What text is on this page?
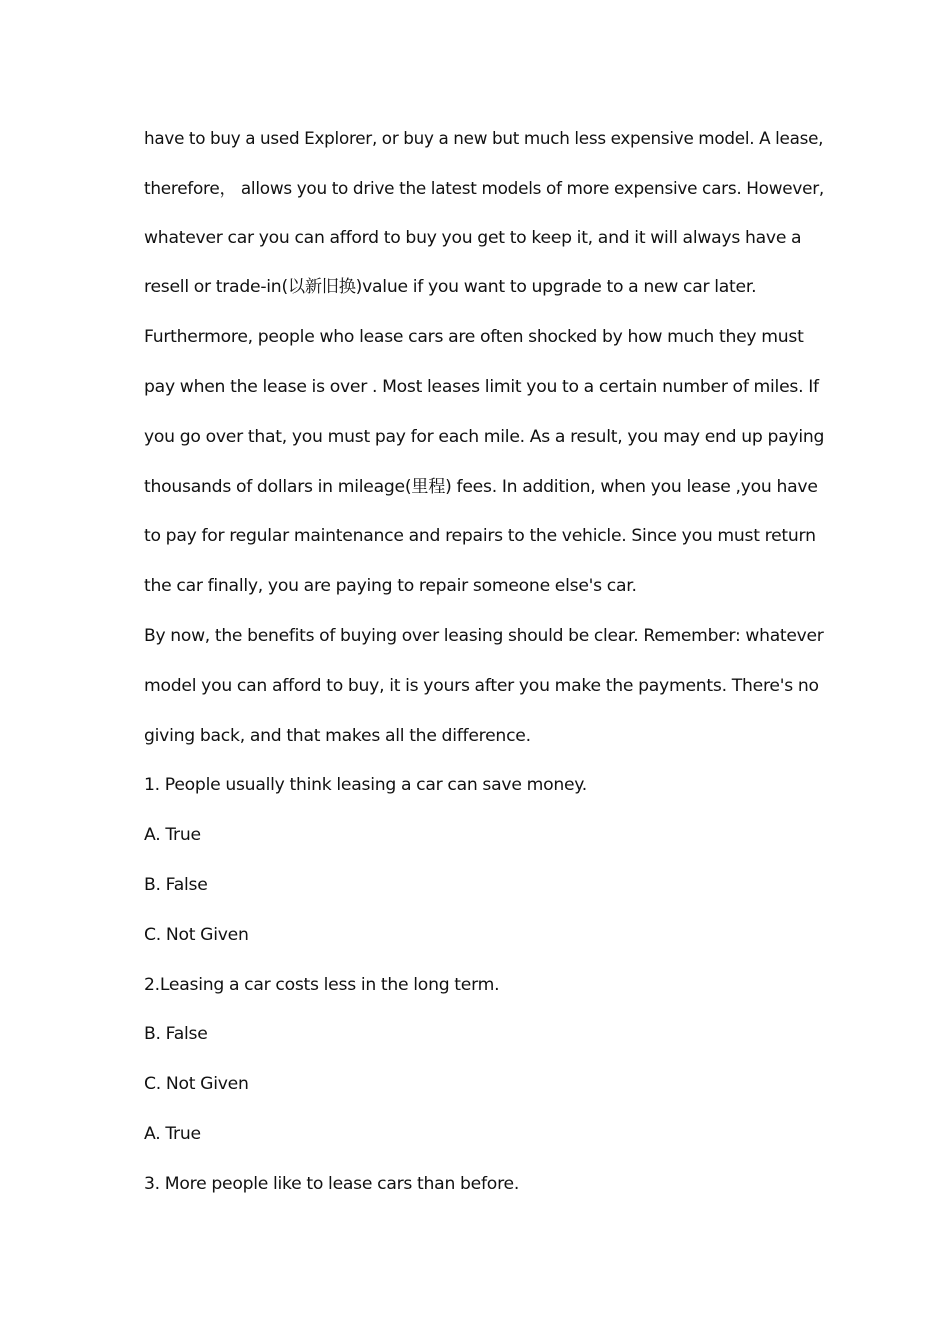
have to buy a used Explorer, or buy a new but much less expensive model. A lease,
therefore， allows you to drive the latest models of more expensive cars. However,
whatever car you can afford to buy you get to keep it, and it will always have a
resell or trade-in(以新旧换)value if you want to upgrade to a new car later.
Furthermore, people who lease cars are often shocked by how much they must
pay when the lease is over . Most leases limit you to a certain number of miles. If
you go over that, you must pay for each mile. As a result, you may end up paying
thousands of dollars in mileage(里程) fees. In addition, when you lease ,you have
to pay for regular maintenance and repairs to the vehicle. Since you must return
the car finally, you are paying to repair someone else's car.
By now, the benefits of buying over leasing should be clear. Remember: whatever
model you can afford to buy, it is yours after you make the payments. There's no
giving back, and that makes all the difference.
1. People usually think leasing a car can save money.
A. True
B. False
C. Not Given
2.Leasing a car costs less in the long term.
B. False
C. Not Given
A. True
3. More people like to lease cars than before.
